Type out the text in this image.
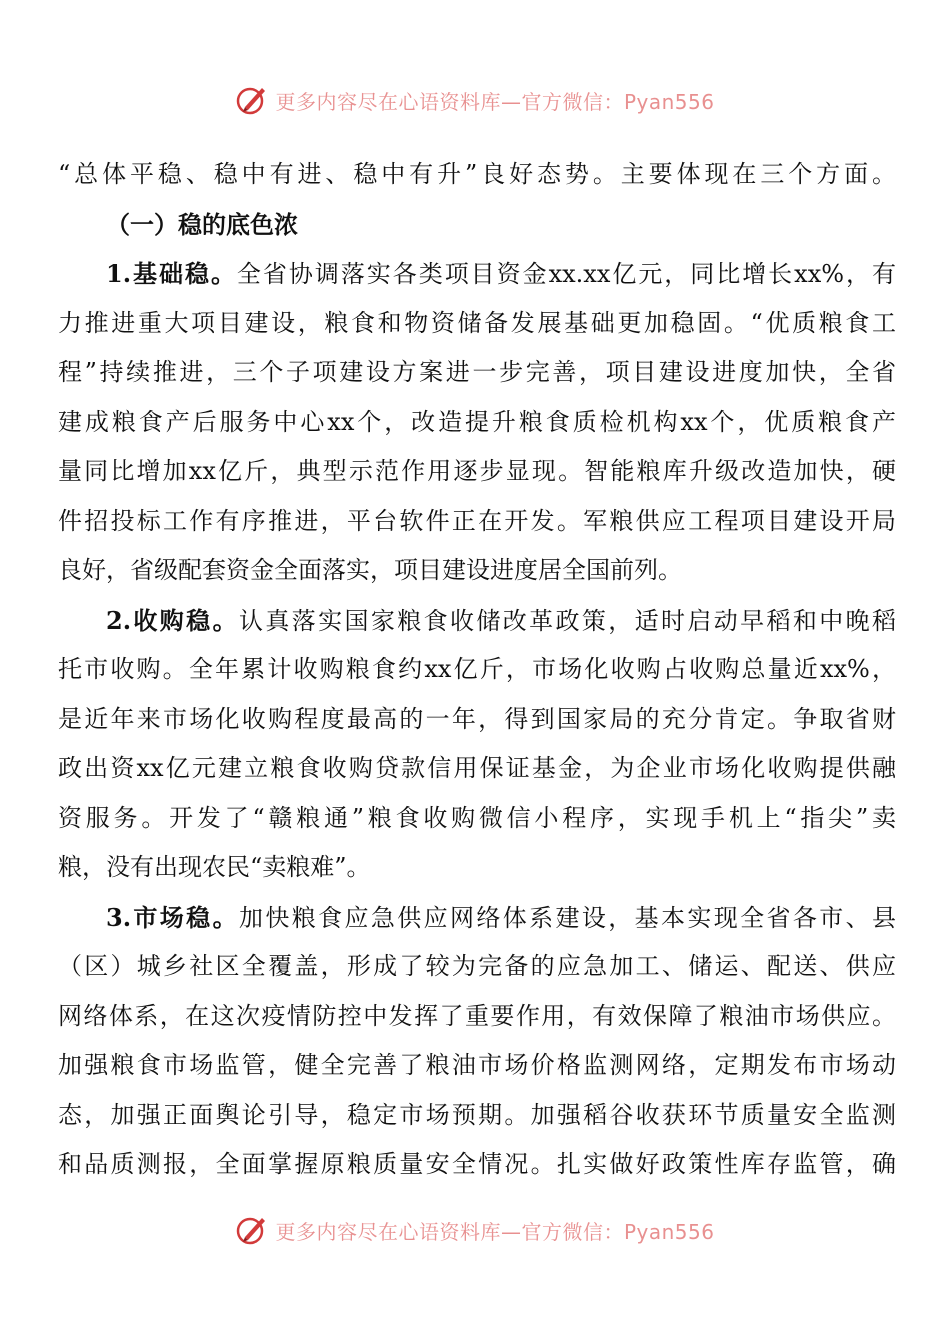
更多内容尽在心语资料库—官方微信：Pyan556
“总体平稳、稳中有进、稳中有升”良好态势。主要体现在三个方面。
（一）稳的底色浓
1.基础稳。全省协调落实各类项目资金xx.xx亿元，同比增长xx%，有
力推进重大项目建设，粮食和物资储备发展基础更加稳固。“优质粮食工
程”持续推进，三个子项建设方案进一步完善，项目建设进度加快，全省
建成粮食产后服务中心xx个，改造提升粮食质检机构xx个，优质粮食产
量同比增加xx亿斤，典型示范作用逐步显现。智能粮库升级改造加快，硬
件招投标工作有序推进，平台软件正在开发。军粮供应工程项目建设开局
良好，省级配套资金全面落实，项目建设进度居全国前列。
2.收购稳。认真落实国家粮食收储改革政策，适时启动早稻和中晚稻
托市收购。全年累计收购粮食约xx亿斤，市场化收购占收购总量近xx%，
是近年来市场化收购程度最高的一年，得到国家局的充分肯定。争取省财
政出资xx亿元建立粮食收购贷款信用保证基金，为企业市场化收购提供融
资服务。开发了“赣粮通”粮食收购微信小程序，实现手机上“指尖”卖
粮，没有出现农民“卖粮难”。
3.市场稳。加快粮食应急供应网络体系建设，基本实现全省各市、县
（区）城乡社区全覆盖，形成了较为完备的应急加工、储运、配送、供应
网络体系，在这次疫情防控中发挥了重要作用，有效保障了粮油市场供应。
加强粮食市场监管，健全完善了粮油市场价格监测网络，定期发布市场动
态，加强正面舆论引导，稳定市场预期。加强稻谷收获环节质量安全监测
和品质测报，全面掌握原粮质量安全情况。扎实做好政策性库存监管，确
更多内容尽在心语资料库—官方微信：Pyan556
